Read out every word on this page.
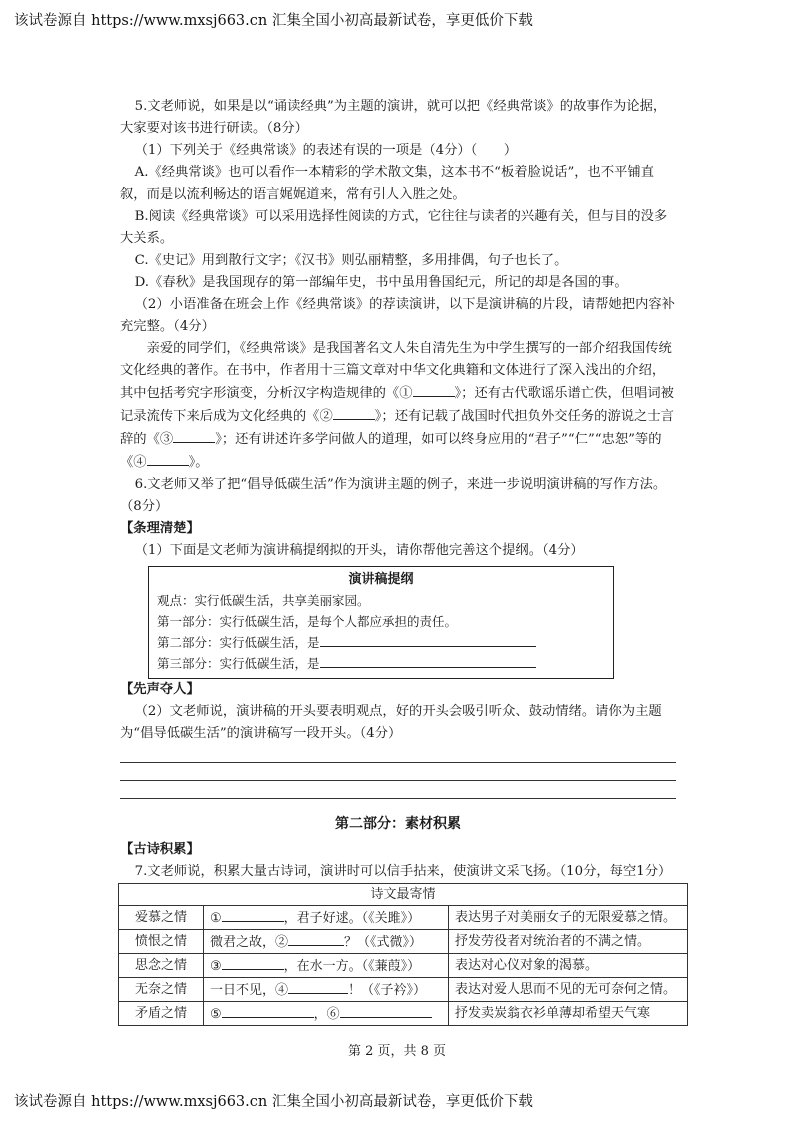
该试卷源自 https://www.mxsj663.cn 汇集全国小初高最新试卷，享更低价下载

5.文老师说，如果是以“诵读经典”为主题的演讲，就可以把《经典常谈》的故事作为论据，大家要对该书进行研读。（8分）

（1）下列关于《经典常谈》的表述有误的一项是（4分）（　　）

A.《经典常谈》也可以看作一本精彩的学术散文集，这本书不“板着脸说话”，也不平铺直叙，而是以流利畅达的语言娓娓道来，常有引人入胜之处。

B.阅读《经典常谈》可以采用选择性阅读的方式，它往往与读者的兴趣有关，但与目的没多大关系。

C.《史记》用到散行文字；《汉书》则弘丽精整，多用排偶，句子也长了。

D.《春秋》是我国现存的第一部编年史，书中虽用鲁国纪元，所记的却是各国的事。

（2）小语准备在班会上作《经典常谈》的荐读演讲，以下是演讲稿的片段，请帮她把内容补充完整。（4分）

亲爱的同学们，《经典常谈》是我国著名文人朱自清先生为中学生撰写的一部介绍我国传统文化经典的著作。在书中，作者用十三篇文章对中华文化典籍和文体进行了深入浅出的介绍，其中包括考究字形演变，分析汉字构造规律的《①	》；还有古代歌谣乐谱亡佚，但唱词被记录流传下来后成为文化经典的《②	》；还有记载了战国时代担负外交任务的游说之士言辞的《③	》；还有讲述许多学问做人的道理，如可以终身应用的“君子”“仁”“忠恕”等的《④	》。

6.文老师又举了把“倡导低碳生活”作为演讲主题的例子，来进一步说明演讲稿的写作方法。（8分）

【条理清楚】

（1）下面是文老师为演讲稿提纲拟的开头，请你帮他完善这个提纲。（4分）

演讲稿提纲
观点：实行低碳生活，共享美丽家园。
第一部分：实行低碳生活，是每个人都应承担的责任。
第二部分：实行低碳生活，是
第三部分：实行低碳生活，是

【先声夺人】

（2）文老师说，演讲稿的开头要表明观点，好的开头会吸引听众、鼓动情绪。请你为主题为“倡导低碳生活”的演讲稿写一段开头。（4分）

第二部分：素材积累

【古诗积累】

7.文老师说，积累大量古诗词，演讲时可以信手拈来，使演讲文采飞扬。（10分，每空1分）

诗文最寄情		
爱慕之情	① ，君子好逑。（《关雎》）	表达男子对美丽女子的无限爱慕之情。
愤恨之情	微君之故，② ？（《式微》）	抒发劳役者对统治者的不满之情。
思念之情	③ ，在水一方。（《蒹葭》）	表达对心仪对象的渴慕。
无奈之情	一日不见，④ ！（《子衿》）	表达对爱人思而不见的无可奈何之情。
矛盾之情	⑤ ，⑥	抒发卖炭翁衣衫单薄却希望天气寒
第 2 页，共 8 页
该试卷源自 https://www.mxsj663.cn 汇集全国小初高最新试卷，享更低价下载
